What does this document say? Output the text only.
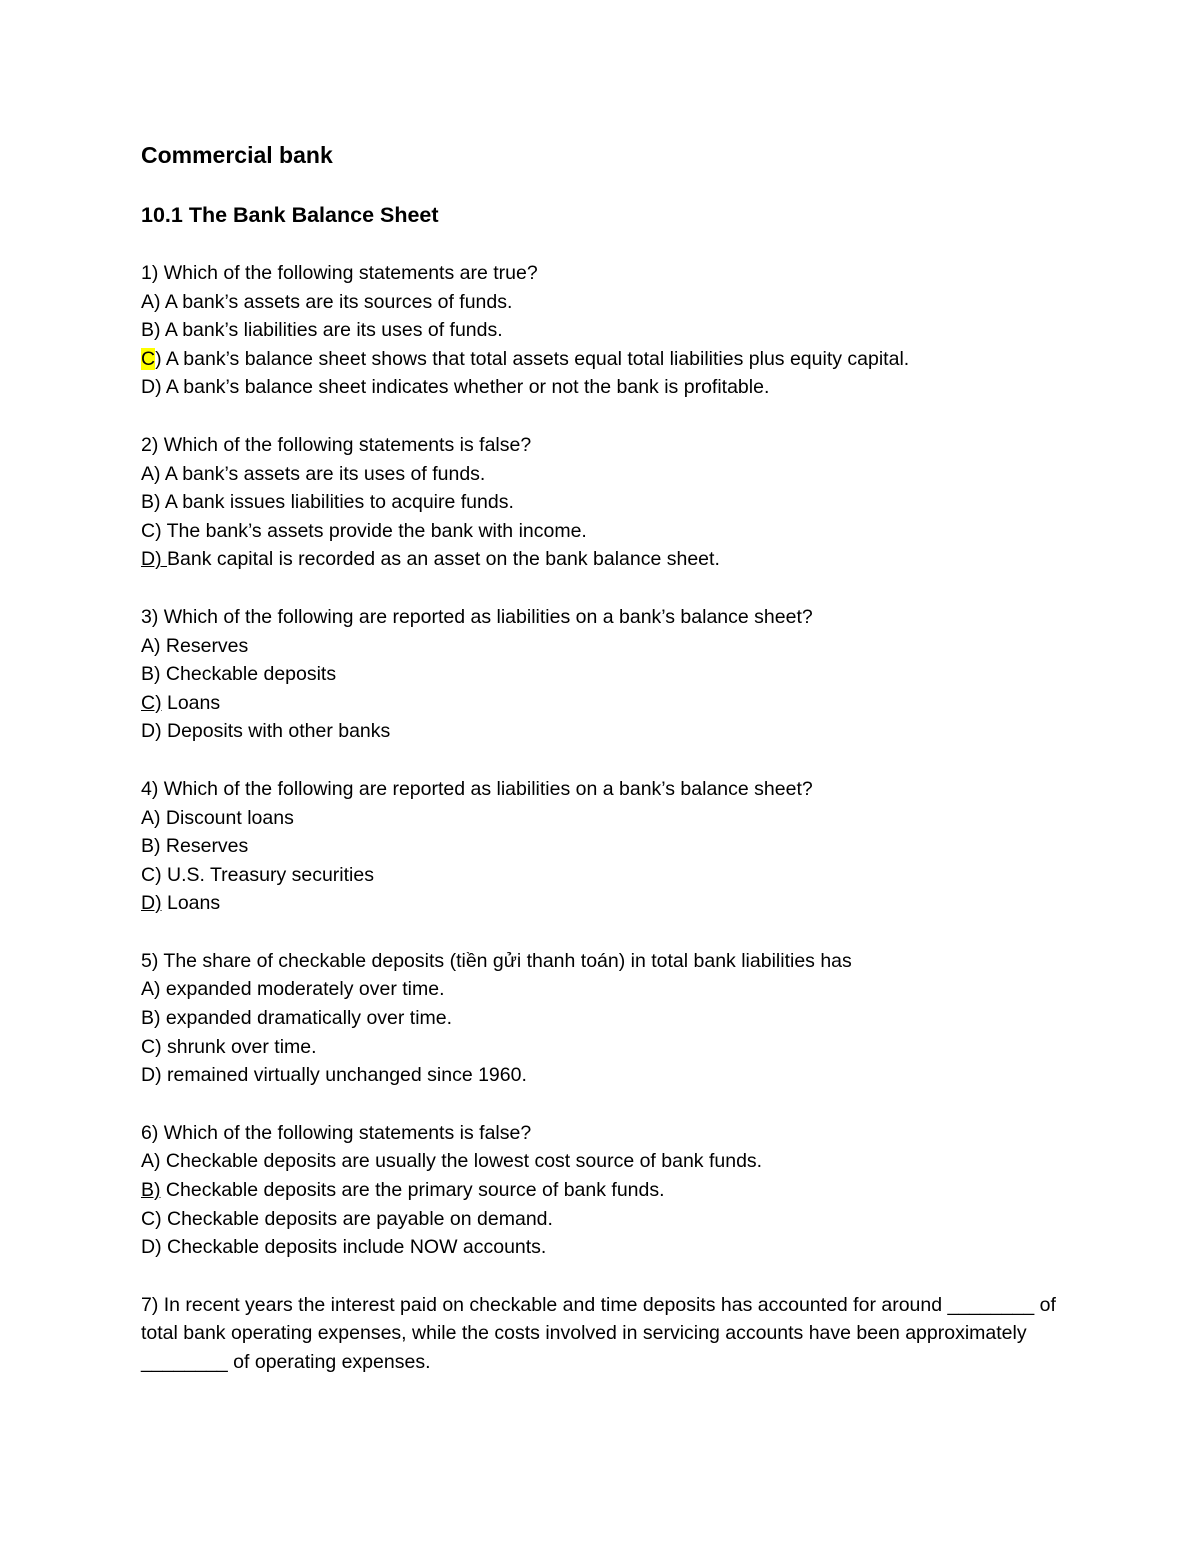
Commercial bank
10.1 The Bank Balance Sheet
1) Which of the following statements are true?
A) A bank’s assets are its sources of funds.
B) A bank’s liabilities are its uses of funds.
C) A bank’s balance sheet shows that total assets equal total liabilities plus equity capital.
D) A bank’s balance sheet indicates whether or not the bank is profitable.
2) Which of the following statements is false?
A) A bank’s assets are its uses of funds.
B) A bank issues liabilities to acquire funds.
C) The bank’s assets provide the bank with income.
D) Bank capital is recorded as an asset on the bank balance sheet.
3) Which of the following are reported as liabilities on a bank’s balance sheet?
A) Reserves
B) Checkable deposits
C) Loans
D) Deposits with other banks
4) Which of the following are reported as liabilities on a bank’s balance sheet?
A) Discount loans
B) Reserves
C) U.S. Treasury securities
D) Loans
5) The share of checkable deposits (tiền gửi thanh toán) in total bank liabilities has
A) expanded moderately over time.
B) expanded dramatically over time.
C) shrunk over time.
D) remained virtually unchanged since 1960.
6) Which of the following statements is false?
A) Checkable deposits are usually the lowest cost source of bank funds.
B) Checkable deposits are the primary source of bank funds.
C) Checkable deposits are payable on demand.
D) Checkable deposits include NOW accounts.
7) In recent years the interest paid on checkable and time deposits has accounted for around ________ of total bank operating expenses, while the costs involved in servicing accounts have been approximately ________ of operating expenses.
